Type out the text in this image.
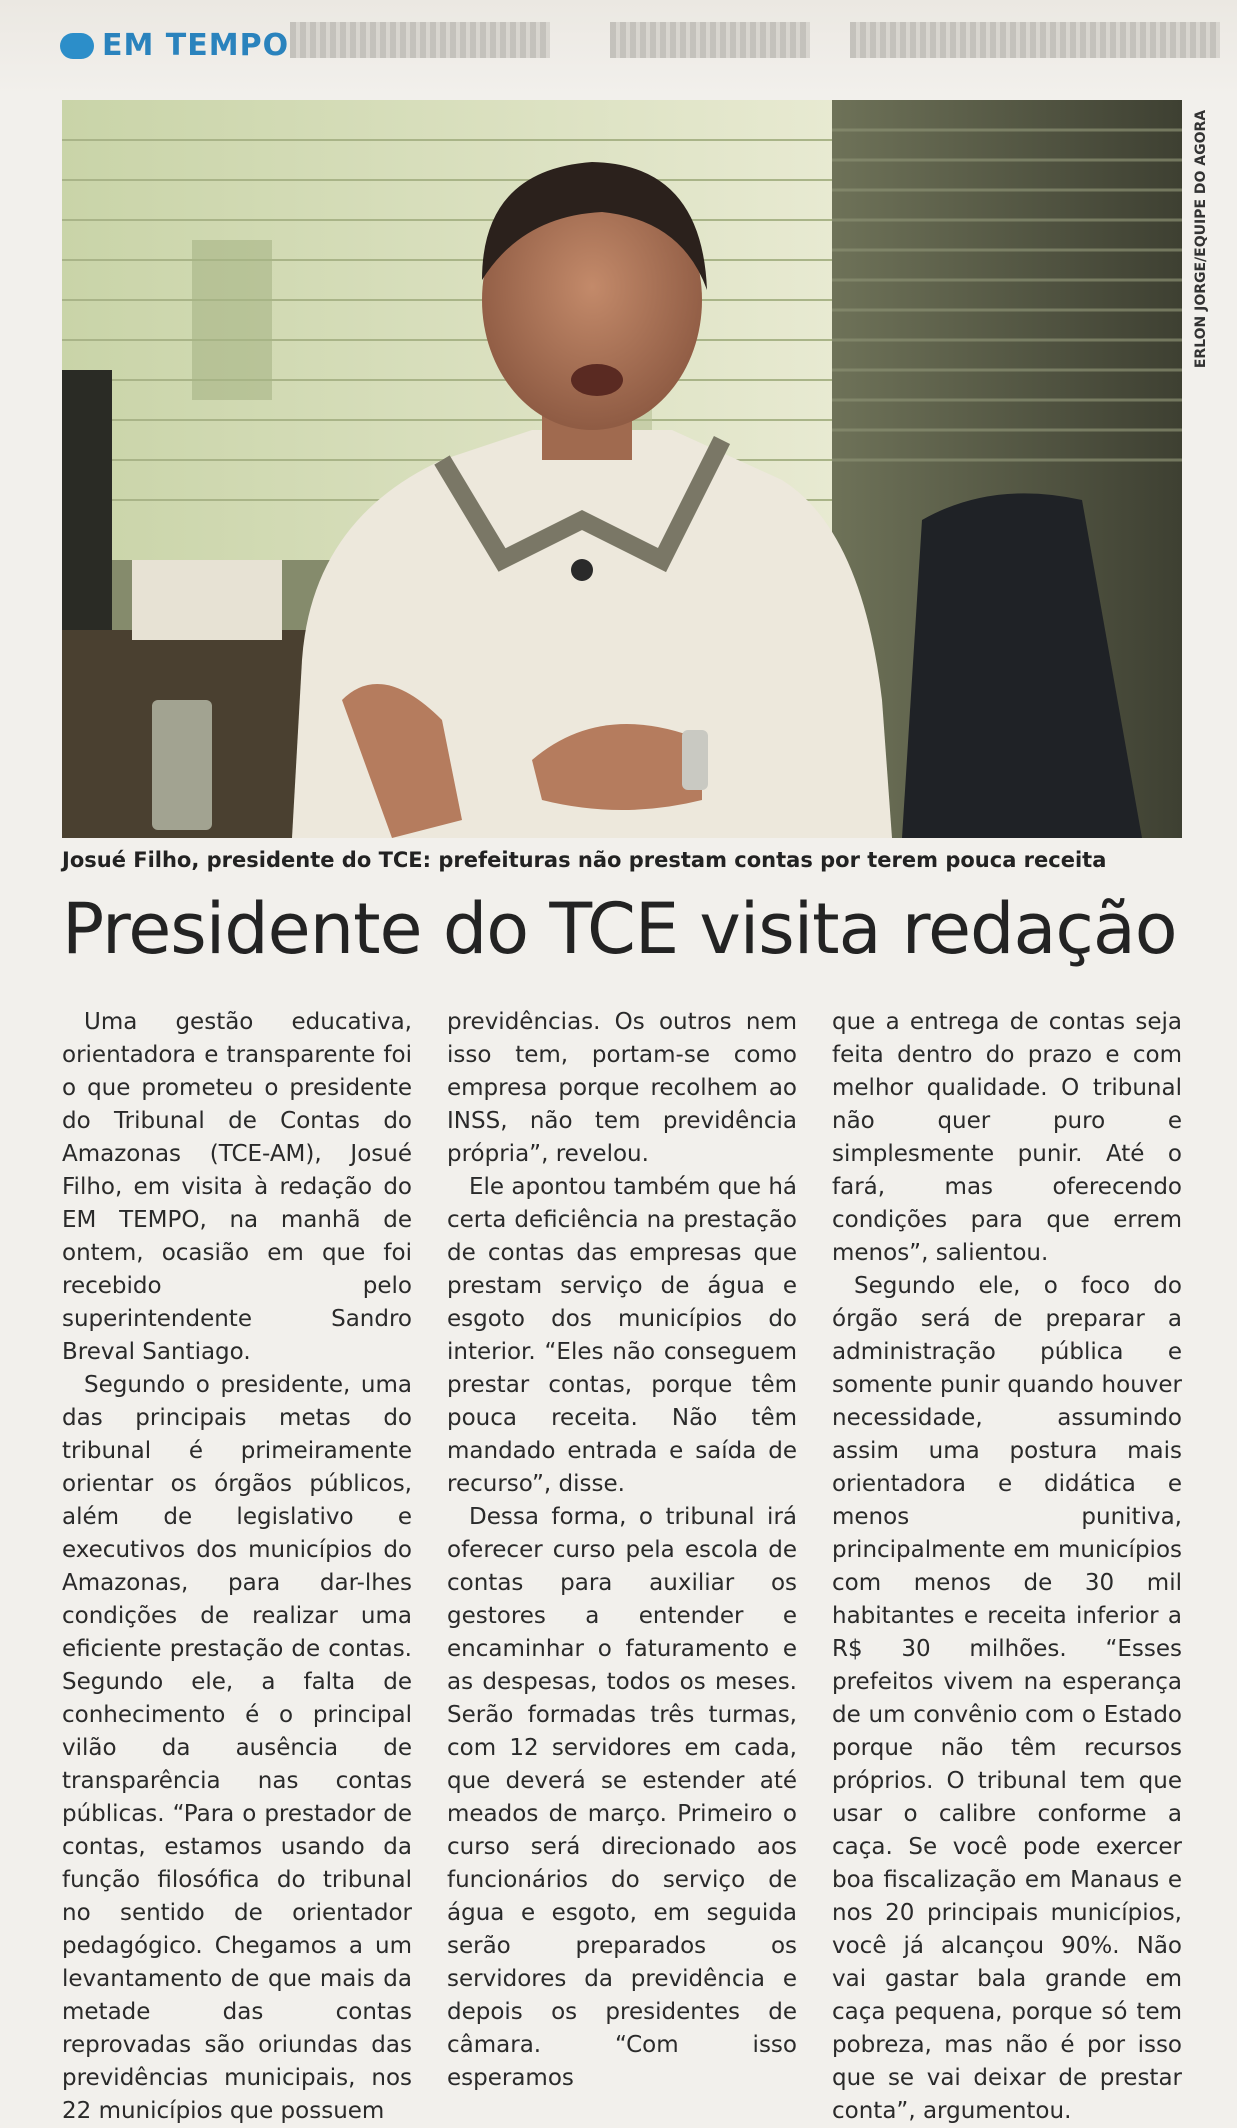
EM TEMPO
ERLON JORGE/EQUIPE DO AGORA
Josué Filho, presidente do TCE: prefeituras não prestam contas por terem pouca receita
Presidente do TCE visita redação

Uma gestão educativa, orientadora e transparente foi o que prometeu o presidente do Tribunal de Contas do Amazonas (TCE-AM), Josué Filho, em visita à redação do EM TEMPO, na manhã de ontem, ocasião em que foi recebido pelo superintendente Sandro Breval Santiago.

Segundo o presidente, uma das principais metas do tribunal é primeiramente orientar os órgãos públicos, além de legislativo e executivos dos municípios do Amazonas, para dar-lhes condições de realizar uma eficiente prestação de contas. Segundo ele, a falta de conhecimento é o principal vilão da ausência de transparência nas contas públicas. “Para o prestador de contas, estamos usando da função filosófica do tribunal no sentido de orientador pedagógico. Chegamos a um levantamento de que mais da metade das contas reprovadas são oriundas das previdências municipais, nos 22 municípios que possuem

previdências. Os outros nem isso tem, portam-se como empresa porque recolhem ao INSS, não tem previdência própria”, revelou.

Ele apontou também que há certa deficiência na prestação de contas das empresas que prestam serviço de água e esgoto dos municípios do interior. “Eles não conseguem prestar contas, porque têm pouca receita. Não têm mandado entrada e saída de recurso”, disse.

Dessa forma, o tribunal irá oferecer curso pela escola de contas para auxiliar os gestores a entender e encaminhar o faturamento e as despesas, todos os meses. Serão formadas três turmas, com 12 servidores em cada, que deverá se estender até meados de março. Primeiro o curso será direcionado aos funcionários do serviço de água e esgoto, em seguida serão preparados os servidores da previdência e depois os presidentes de câmara. “Com isso esperamos

que a entrega de contas seja feita dentro do prazo e com melhor qualidade. O tribunal não quer puro e simplesmente punir. Até o fará, mas oferecendo condições para que errem menos”, salientou.

Segundo ele, o foco do órgão será de preparar a administração pública e somente punir quando houver necessidade, assumindo assim uma postura mais orientadora e didática e menos punitiva, principalmente em municípios com menos de 30 mil habitantes e receita inferior a R$ 30 milhões. “Esses prefeitos vivem na esperança de um convênio com o Estado porque não têm recursos próprios. O tribunal tem que usar o calibre conforme a caça. Se você pode exercer boa fiscalização em Manaus e nos 20 principais municípios, você já alcançou 90%. Não vai gastar bala grande em caça pequena, porque só tem pobreza, mas não é por isso que se vai deixar de prestar conta”, argumentou.
